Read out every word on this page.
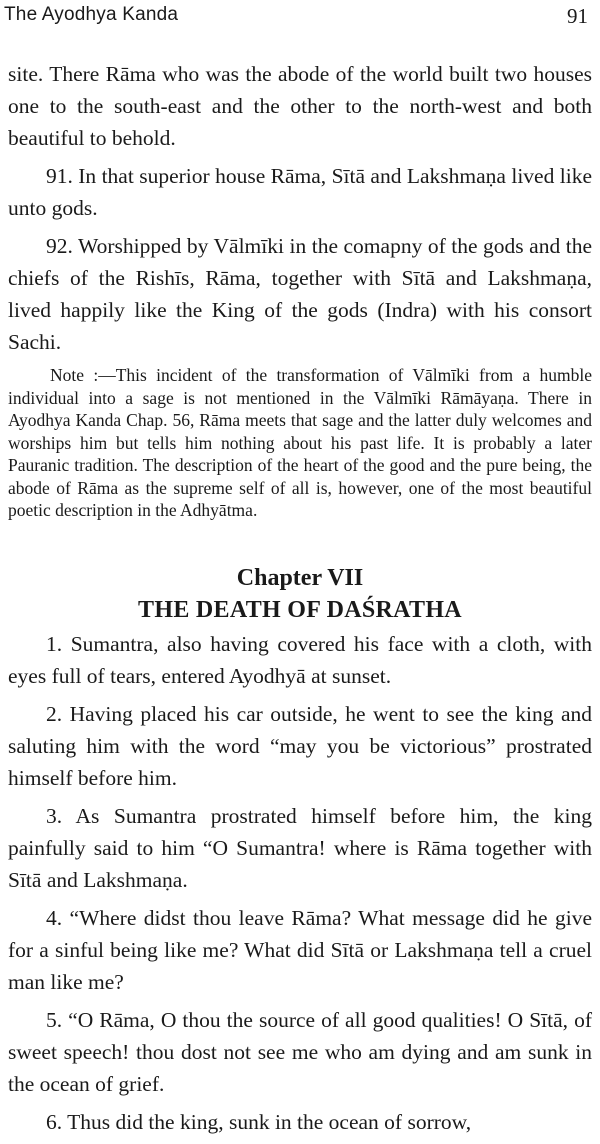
The Ayodhya Kanda	91

site. There Rāma who was the abode of the world built two houses one to the south-east and the other to the north-west and both beautiful to behold.

91. In that superior house Rāma, Sītā and Lakshmaṇa lived like unto gods.

92. Worshipped by Vālmīki in the comapny of the gods and the chiefs of the Rishīs, Rāma, together with Sītā and Lakshmaṇa, lived happily like the King of the gods (Indra) with his consort Sachi.

Note :—This incident of the transformation of Vālmīki from a humble individual into a sage is not mentioned in the Vālmīki Rāmāyaṇa. There in Ayodhya Kanda Chap. 56, Rāma meets that sage and the latter duly welcomes and worships him but tells him nothing about his past life. It is probably a later Pauranic tradition. The description of the heart of the good and the pure being, the abode of Rāma as the supreme self of all is, however, one of the most beautiful poetic description in the Adhyātma.

Chapter VII

THE DEATH OF DAŚRATHA

1. Sumantra, also having covered his face with a cloth, with eyes full of tears, entered Ayodhyā at sunset.

2. Having placed his car outside, he went to see the king and saluting him with the word “may you be victorious” prostrated himself before him.

3. As Sumantra prostrated himself before him, the king painfully said to him “O Sumantra! where is Rāma together with Sītā and Lakshmaṇa.

4. “Where didst thou leave Rāma? What message did he give for a sinful being like me? What did Sītā or Lakshmaṇa tell a cruel man like me?

5. “O Rāma, O thou the source of all good qualities! O Sītā, of sweet speech! thou dost not see me who am dying and am sunk in the ocean of grief.

6. Thus did the king, sunk in the ocean of sorrow,
